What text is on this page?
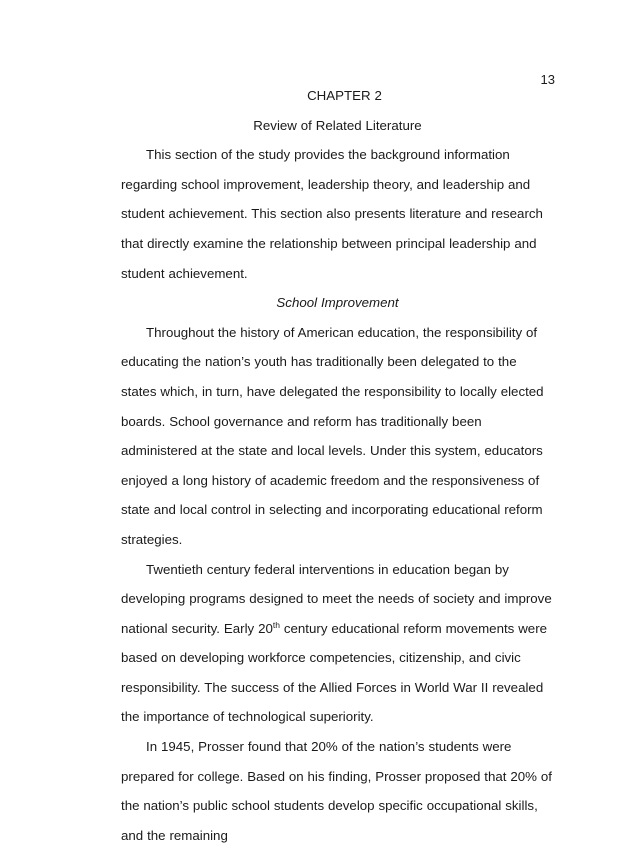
13

CHAPTER 2

Review of Related Literature

This section of the study provides the background information regarding school improvement, leadership theory, and leadership and student achievement. This section also presents literature and research that directly examine the relationship between principal leadership and student achievement.

School Improvement

Throughout the history of American education, the responsibility of educating the nation’s youth has traditionally been delegated to the states which, in turn, have delegated the responsibility to locally elected boards. School governance and reform has traditionally been administered at the state and local levels. Under this system, educators enjoyed a long history of academic freedom and the responsiveness of state and local control in selecting and incorporating educational reform strategies.

Twentieth century federal interventions in education began by developing programs designed to meet the needs of society and improve national security. Early 20th century educational reform movements were based on developing workforce competencies, citizenship, and civic responsibility. The success of the Allied Forces in World War II revealed the importance of technological superiority.

In 1945, Prosser found that 20% of the nation’s students were prepared for college. Based on his finding, Prosser proposed that 20% of the nation’s public school students develop specific occupational skills, and the remaining
